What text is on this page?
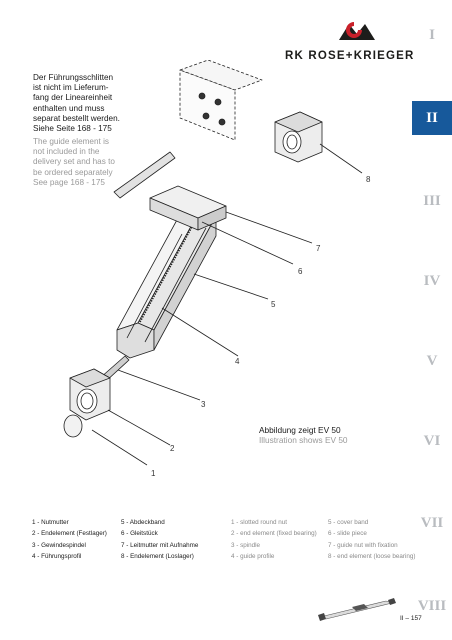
RK ROSE+KRIEGER
I
II
III
IV
V
VI
VII
VIII
Der Führungsschlitten
ist nicht im Lieferum-
fang der Lineareinheit
enthalten und muss
separat bestellt werden.
Siehe Seite 168 - 175
The guide element is
not included in the
delivery set and has to
be ordered separately
See page 168 - 175
1
2
3
4
5
6
7
8
Abbildung zeigt EV 50
Illustration shows EV 50
1 - Nutmutter
2 - Endelement (Festlager)
3 - Gewindespindel
4 - Führungsprofil
5 - Abdeckband
6 - Gleitstück
7 - Leitmutter mit Aufnahme
8 - Endelement (Loslager)
1 - slotted round nut
2 - end element (fixed bearing)
3 - spindle
4 - guide profile
5 - cover band
6 - slide piece
7 - guide nut with fixation
8 - end element (loose bearing)
II – 157
